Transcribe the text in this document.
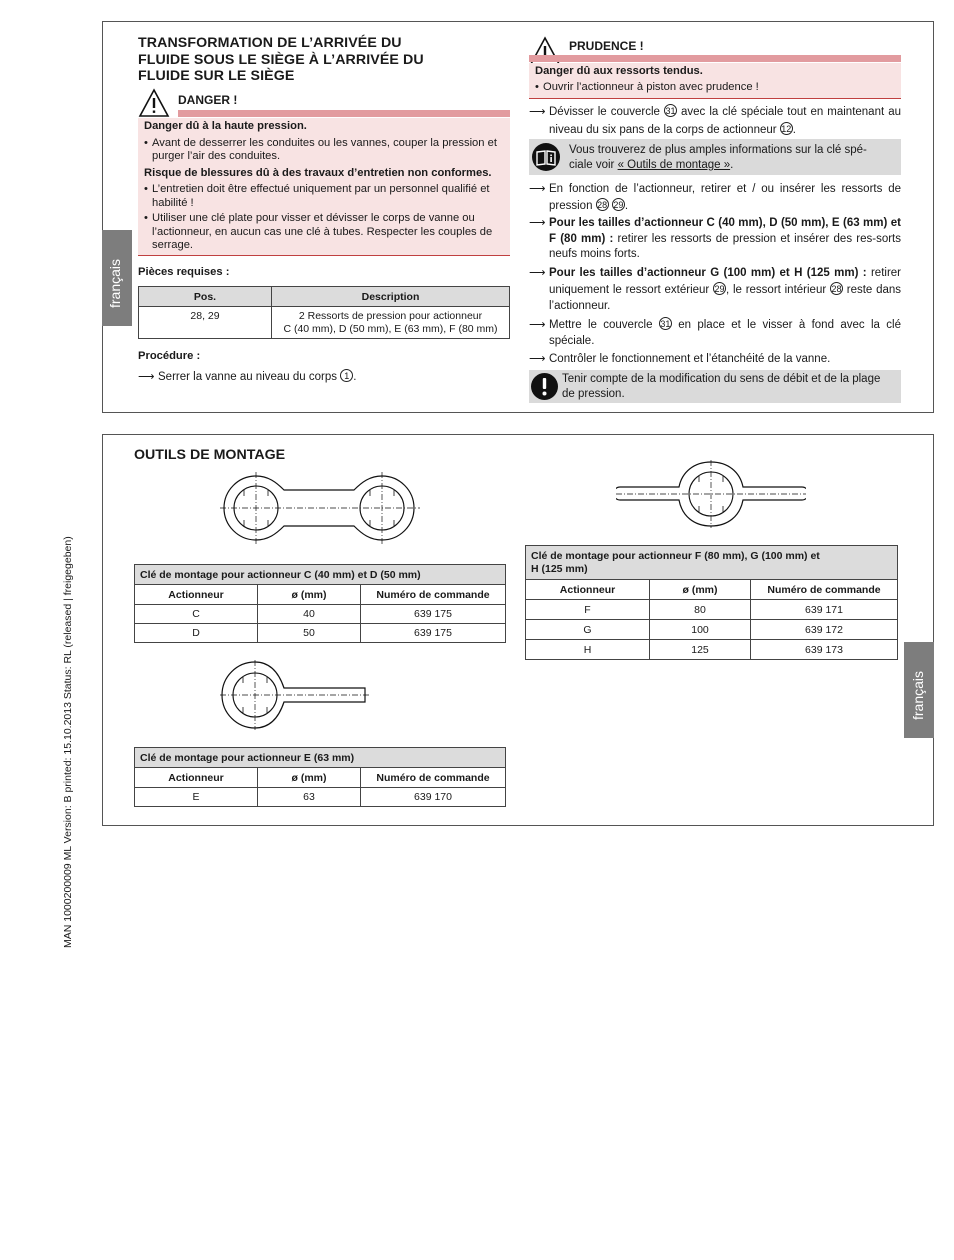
MAN 1000200009 ML Version: B printed: 15.10.2013 Status: RL (released | freigegeben)
français
TRANSFORMATION DE L’ARRIVÉE DU
FLUIDE SOUS LE SIÈGE À L’ARRIVÉE DU
FLUIDE SUR LE SIÈGE
DANGER !
Danger dû à la haute pression.
• Avant de desserrer les conduites ou les vannes, couper la pression et purger l’air des conduites.
Risque de blessures dû à des travaux d’entretien non conformes.
• L’entretien doit être effectué uniquement par un personnel qualifié et habilité !
• Utiliser une clé plate pour visser et dévisser le corps de vanne ou l’actionneur, en aucun cas une clé à tubes. Respecter les couples de serrage.
Pièces requises :
Pos.	Description
28, 29	2 Ressorts de pression pour actionneur
C (40 mm), D (50 mm), E (63 mm), F (80 mm)
Procédure :
⟶ Serrer la vanne au niveau du corps 1 .
PRUDENCE !
Danger dû aux ressorts tendus.
• Ouvrir l’actionneur à piston avec prudence !
⟶ Dévisser le couvercle 31 avec la clé spéciale tout en maintenant au niveau du six pans de la corps de actionneur 12 .
Vous trouverez de plus amples informations sur la clé spé-ciale voir « Outils de montage ».
⟶ En fonction de l’actionneur, retirer et / ou insérer les ressorts de pression 28 29 .
⟶ Pour les tailles d’actionneur C (40 mm), D (50 mm), E (63 mm) et F (80 mm) : retirer les ressorts de pression et insérer des res-sorts neufs moins forts.
⟶ Pour les tailles d’actionneur G (100 mm) et H (125 mm) : retirer uniquement le ressort extérieur 29 , le ressort intérieur 28 reste dans l’actionneur.
⟶ Mettre le couvercle 31 en place et le visser à fond avec la clé spéciale.
⟶ Contrôler le fonctionnement et l’étanchéité de la vanne.
Tenir compte de la modification du sens de débit et de la plage de pression.
français
OUTILS DE MONTAGE
Clé de montage pour actionneur C (40 mm) et D (50 mm)		
Actionneur	ø (mm)	Numéro de commande
C	40	639 175
D	50	639 175
Clé de montage pour actionneur E (63 mm)		
Actionneur	ø (mm)	Numéro de commande
E	63	639 170
Clé de montage pour actionneur F (80 mm), G (100 mm) et
H (125 mm)		

Actionneur	ø (mm)	Numéro de commande
F	80	639 171
G	100	639 172
H	125	639 173
